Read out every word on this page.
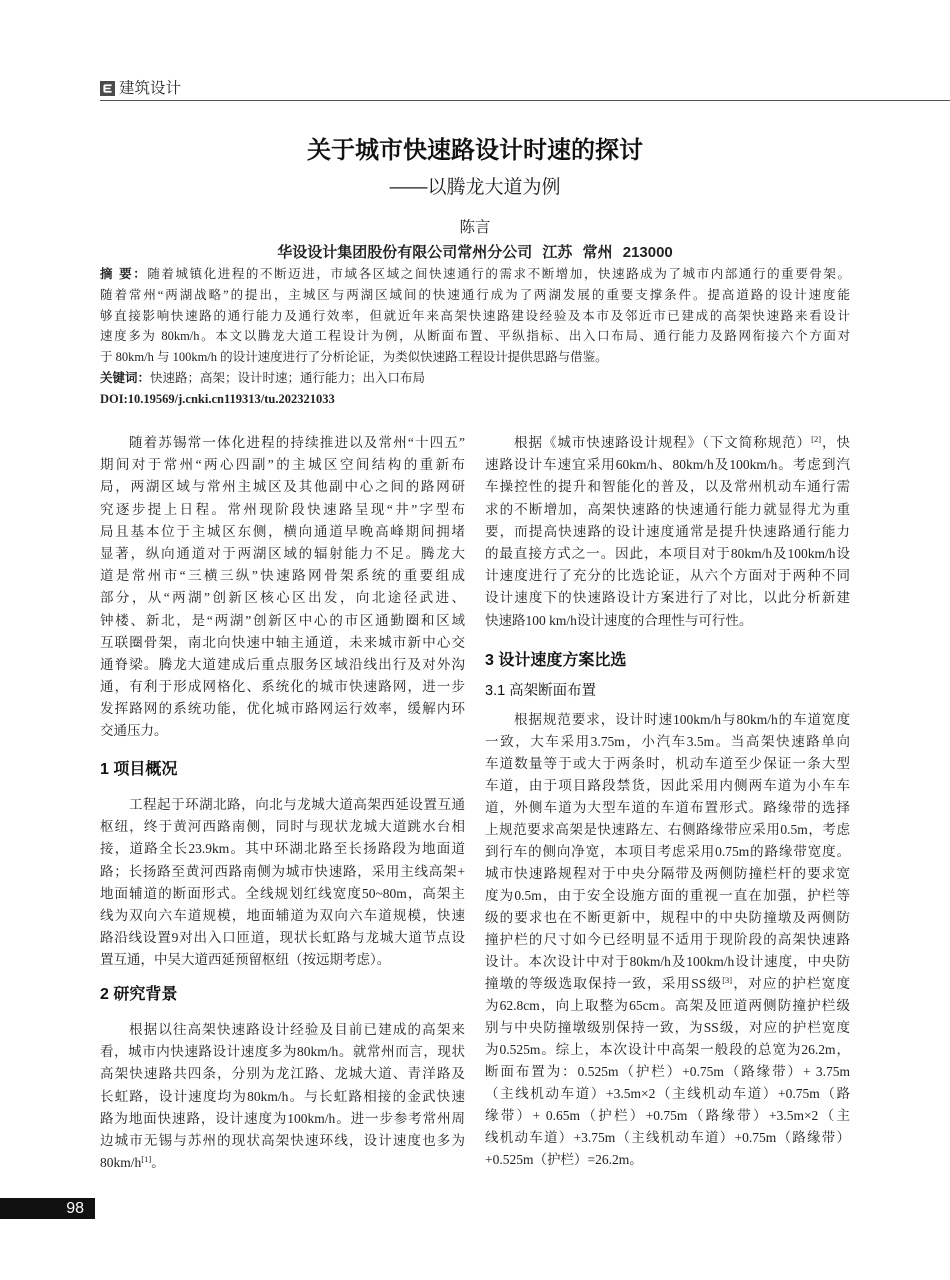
建筑设计
关于城市快速路设计时速的探讨
——以腾龙大道为例
陈言
华设设计集团股份有限公司常州分公司 江苏 常州 213000
摘 要：随着城镇化进程的不断迈进，市域各区域之间快速通行的需求不断增加，快速路成为了城市内部通行的重要骨架。
随着常州“两湖战略”的提出，主城区与两湖区域间的快速通行成为了两湖发展的重要支撑条件。提高道路的设计速度能
够直接影响快速路的通行能力及通行效率，但就近年来高架快速路建设经验及本市及邻近市已建成的高架快速路来看设计
速度多为 80km/h。本文以腾龙大道工程设计为例，从断面布置、平纵指标、出入口布局、通行能力及路网衔接六个方面对
于 80km/h 与 100km/h 的设计速度进行了分析论证，为类似快速路工程设计提供思路与借鉴。
关键词：快速路；高架；设计时速；通行能力；出入口布局
DOI:10.19569/j.cnki.cn119313/tu.202321033
随着苏锡常一体化进程的持续推进以及常州“十四五”
期间对于常州“两心四副”的主城区空间结构的重新布
局，两湖区域与常州主城区及其他副中心之间的路网研
究逐步提上日程。常州现阶段快速路呈现“井”字型布
局且基本位于主城区东侧，横向通道早晚高峰期间拥堵
显著，纵向通道对于两湖区域的辐射能力不足。腾龙大
道是常州市“三横三纵”快速路网骨架系统的重要组成
部分，从“两湖”创新区核心区出发，向北途径武进、
钟楼、新北，是“两湖”创新区中心的市区通勤圈和区域
互联圈骨架，南北向快速中轴主通道，未来城市新中心交
通脊梁。腾龙大道建成后重点服务区域沿线出行及对外沟
通，有利于形成网格化、系统化的城市快速路网，进一步
发挥路网的系统功能，优化城市路网运行效率，缓解内环
交通压力。
1 项目概况
工程起于环湖北路，向北与龙城大道高架西延设置互通
枢纽，终于黄河西路南侧，同时与现状龙城大道跳水台相
接，道路全长23.9km。其中环湖北路至长扬路段为地面道
路；长扬路至黄河西路南侧为城市快速路，采用主线高架+
地面辅道的断面形式。全线规划红线宽度50~80m，高架主
线为双向六车道规模，地面辅道为双向六车道规模，快速
路沿线设置9对出入口匝道，现状长虹路与龙城大道节点设
置互通，中吴大道西延预留枢纽（按远期考虑）。
2 研究背景
根据以往高架快速路设计经验及目前已建成的高架来
看，城市内快速路设计速度多为80km/h。就常州而言，现状
高架快速路共四条，分别为龙江路、龙城大道、青洋路及
长虹路，设计速度均为80km/h。与长虹路相接的金武快速
路为地面快速路，设计速度为100km/h。进一步参考常州周
边城市无锡与苏州的现状高架快速环线，设计速度也多为
80km/h[1]。
根据《城市快速路设计规程》（下文简称规范）[2]，快
速路设计车速宜采用60km/h、80km/h及100km/h。考虑到汽
车操控性的提升和智能化的普及，以及常州机动车通行需
求的不断增加，高架快速路的快速通行能力就显得尤为重
要，而提高快速路的设计速度通常是提升快速路通行能力
的最直接方式之一。因此，本项目对于80km/h及100km/h设
计速度进行了充分的比选论证，从六个方面对于两种不同
设计速度下的快速路设计方案进行了对比，以此分析新建
快速路100 km/h设计速度的合理性与可行性。
3 设计速度方案比选
3.1 高架断面布置
根据规范要求，设计时速100km/h与80km/h的车道宽度
一致，大车采用3.75m，小汽车3.5m。当高架快速路单向
车道数量等于或大于两条时，机动车道至少保证一条大型
车道，由于项目路段禁货，因此采用内侧两车道为小车车
道，外侧车道为大型车道的车道布置形式。路缘带的选择
上规范要求高架是快速路左、右侧路缘带应采用0.5m，考虑
到行车的侧向净宽，本项目考虑采用0.75m的路缘带宽度。
城市快速路规程对于中央分隔带及两侧防撞栏杆的要求宽
度为0.5m，由于安全设施方面的重视一直在加强，护栏等
级的要求也在不断更新中，规程中的中央防撞墩及两侧防
撞护栏的尺寸如今已经明显不适用于现阶段的高架快速路
设计。本次设计中对于80km/h及100km/h设计速度，中央防
撞墩的等级选取保持一致，采用SS级[3]，对应的护栏宽度
为62.8cm，向上取整为65cm。高架及匝道两侧防撞护栏级
别与中央防撞墩级别保持一致，为SS级，对应的护栏宽度
为0.525m。综上，本次设计中高架一般段的总宽为26.2m，
断面布置为：0.525m（护栏）+0.75m（路缘带）+ 3.75m
（主线机动车道）+3.5m×2（主线机动车道）+0.75m（路
缘带）+ 0.65m（护栏）+0.75m（路缘带）+3.5m×2（主
线机动车道）+3.75m（主线机动车道）+0.75m（路缘带）
+0.525m（护栏）=26.2m。
98
